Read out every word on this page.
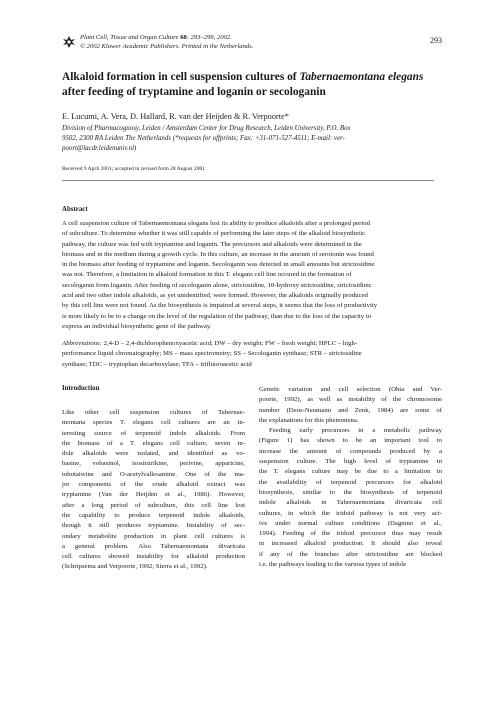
Plant Cell, Tissue and Organ Culture 68: 293–299, 2002.
© 2002 Kluwer Academic Publishers. Printed in the Netherlands.
293
Alkaloid formation in cell suspension cultures of Tabernaemontana elegans
after feeding of tryptamine and loganin or secologanin
E. Lucumi, A. Vera, D. Hallard, R. van der Heijden & R. Verpoorte*
Division of Pharmacognosy, Leiden / Amsterdam Center for Drug Research, Leiden University, P.O. Box
9502, 2300 RA Leiden The Netherlands (*requests for offprints; Fax: +31-071-527-4511; E-mail: ver-
poort@lacdr.leidenuniv.nl)
Received 9 April 2001; accepted in revised form 28 August 2001
Abstract
A cell suspension culture of Tabernaemontana elegans lost its ability to produce alkaloids after a prolonged period
of subculture. To determine whether it was still capable of performing the later steps of the alkaloid biosynthetic
pathway, the culture was fed with tryptamine and loganin. The precursors and alkaloids were determined in the
biomass and in the medium during a growth cycle. In this culture, an increase in the amount of serotonin was found
in the biomass after feeding of tryptamine and loganin. Secologanin was detected in small amounts but strictosidine
was not. Therefore, a limitation in alkaloid formation in this T. elegans cell line occured in the formation of
secologanin from loganin. After feeding of secologanin alone, strictosidine, 10-hydroxy strictosidine, strictosidinic
acid and two other indole alkaloids, as yet unidentified, were formed. However, the alkaloids originally produced
by this cell line were not found. As the biosynthesis is impaired at several steps, it seems that the loss of productivity
is more likely to be to a change on the level of the regulation of the pathway, than due to the loss of the capacity to
express an individual biosynthetic gene of the pathway.
Abbreviations: 2,4-D – 2,4-dichlorophenoxyacetic acid; DW – dry weight; FW – fresh weight; HPLC – high-
performance liquid chromatography; MS – mass spectrometry; SS – Secologanin synthase; STR – strictosidine
synthase; TDC – tryptophan decarboxylase; TFA – trifluoroacetic acid
Introduction
Like other cell suspension cultures of Tabernae-
montana species T. elegans cell cultures are an in-
teresting source of terpenoid indole alkaloids. From
the biomass of a T. elegans cell culture, seven in-
dole alkaloids were isolated, and identified as vo-
basine, vobasinol, isositsirikine, perivine, apparicine,
tubotaiwine and O-acetylvallesamine. One of the ma-
jor components of the crude alkaloid extract was
tryptamine (Van der Heijden et al., 1986). However,
after a long period of subculture, this cell line lost
the capability to produce terpenoid indole alkaloids,
though it still produces tryptamine. Instability of sec-
ondary metabolite production in plant cell cultures is
a general problem. Also Tabernaemontana divaricata
cell cultures showed instability for alkaloid production
(Schripsema and Verpoorte, 1992; Sierra et al., 1992).
Genetic variation and cell selection (Ohta and Ver-
poorte, 1992), as well as instability of the chromosome
number (Deus-Neumann and Zenk, 1984) are some of
the explanations for this phenomena.
Feeding early precursors in a metabolic pathway
(Figure 1) has shown to be an important tool to
increase the amount of compounds produced by a
suspension culture. The high level of tryptamine in
the T. elegans culture may be due to a limitation in
the availability of terpenoid precursors for alkaloid
biosynthesis, similar to the biosynthesis of terpenoid
indole alkaloids in Tabernaemontana divaricata cell
cultures, in which the iridoid pathway is not very act-
ive under normal culture conditions (Dagnino et al.,
1994). Feeding of the iridoid precursor thus may result
in increased alkaloid production. It should also reveal
if any of the branches after strictosidine are blocked
i.e. the pathways leading to the various types of indole
